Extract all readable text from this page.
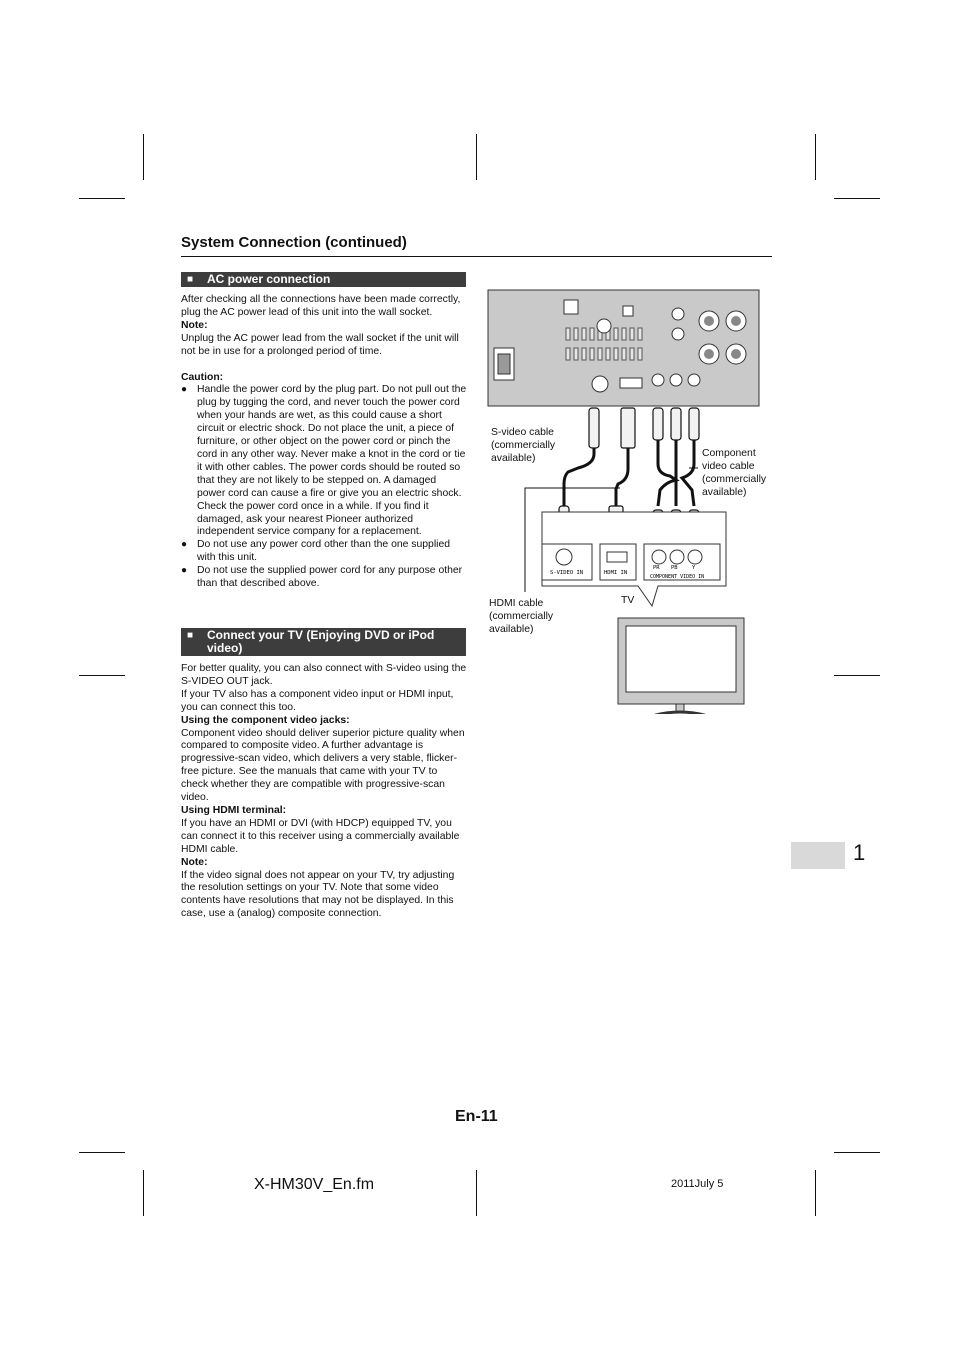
System Connection (continued)
■ AC power connection

After checking all the connections have been made correctly, plug the AC power lead of this unit into the wall socket.

Note:

Unplug the AC power lead from the wall socket if the unit will not be in use for a prolonged period of time.

Caution:

● Handle the power cord by the plug part. Do not pull out the plug by tugging the cord, and never touch the power cord when your hands are wet, as this could cause a short circuit or electric shock. Do not place the unit, a piece of furniture, or other object on the power cord or pinch the cord in any other way. Never make a knot in the cord or tie it with other cables. The power cords should be routed so that they are not likely to be stepped on. A damaged power cord can cause a fire or give you an electric shock. Check the power cord once in a while. If you find it damaged, ask your nearest Pioneer authorized independent service company for a replacement.
● Do not use any power cord other than the one supplied with this unit.
● Do not use the supplied power cord for any purpose other than that described above.
■ Connect your TV (Enjoying DVD or iPod video)

For better quality, you can also connect with S-video using the S-VIDEO OUT jack.

If your TV also has a component video input or HDMI input, you can connect this too.

Using the component video jacks:

Component video should deliver superior picture quality when compared to composite video. A further advantage is progressive-scan video, which delivers a very stable, flicker-free picture. See the manuals that came with your TV to check whether they are compatible with progressive-scan video.

Using HDMI terminal:

If you have an HDMI or DVI (with HDCP) equipped TV, you can connect it to this receiver using a commercially available HDMI cable.

Note:

If the video signal does not appear on your TV, try adjusting the resolution settings on your TV. Note that some video contents have resolutions that may not be displayed. In this case, use a (analog) composite connection.

S-VIDEO IN	HDMI IN
PR PB	Y
COMPONENT VIDEO IN
S-video cable (commercially available)	Component video cable (commercially available)
HDMI cable (commercially available)
TV
1
En-11
X-HM30V_En.fm	2011July 5
